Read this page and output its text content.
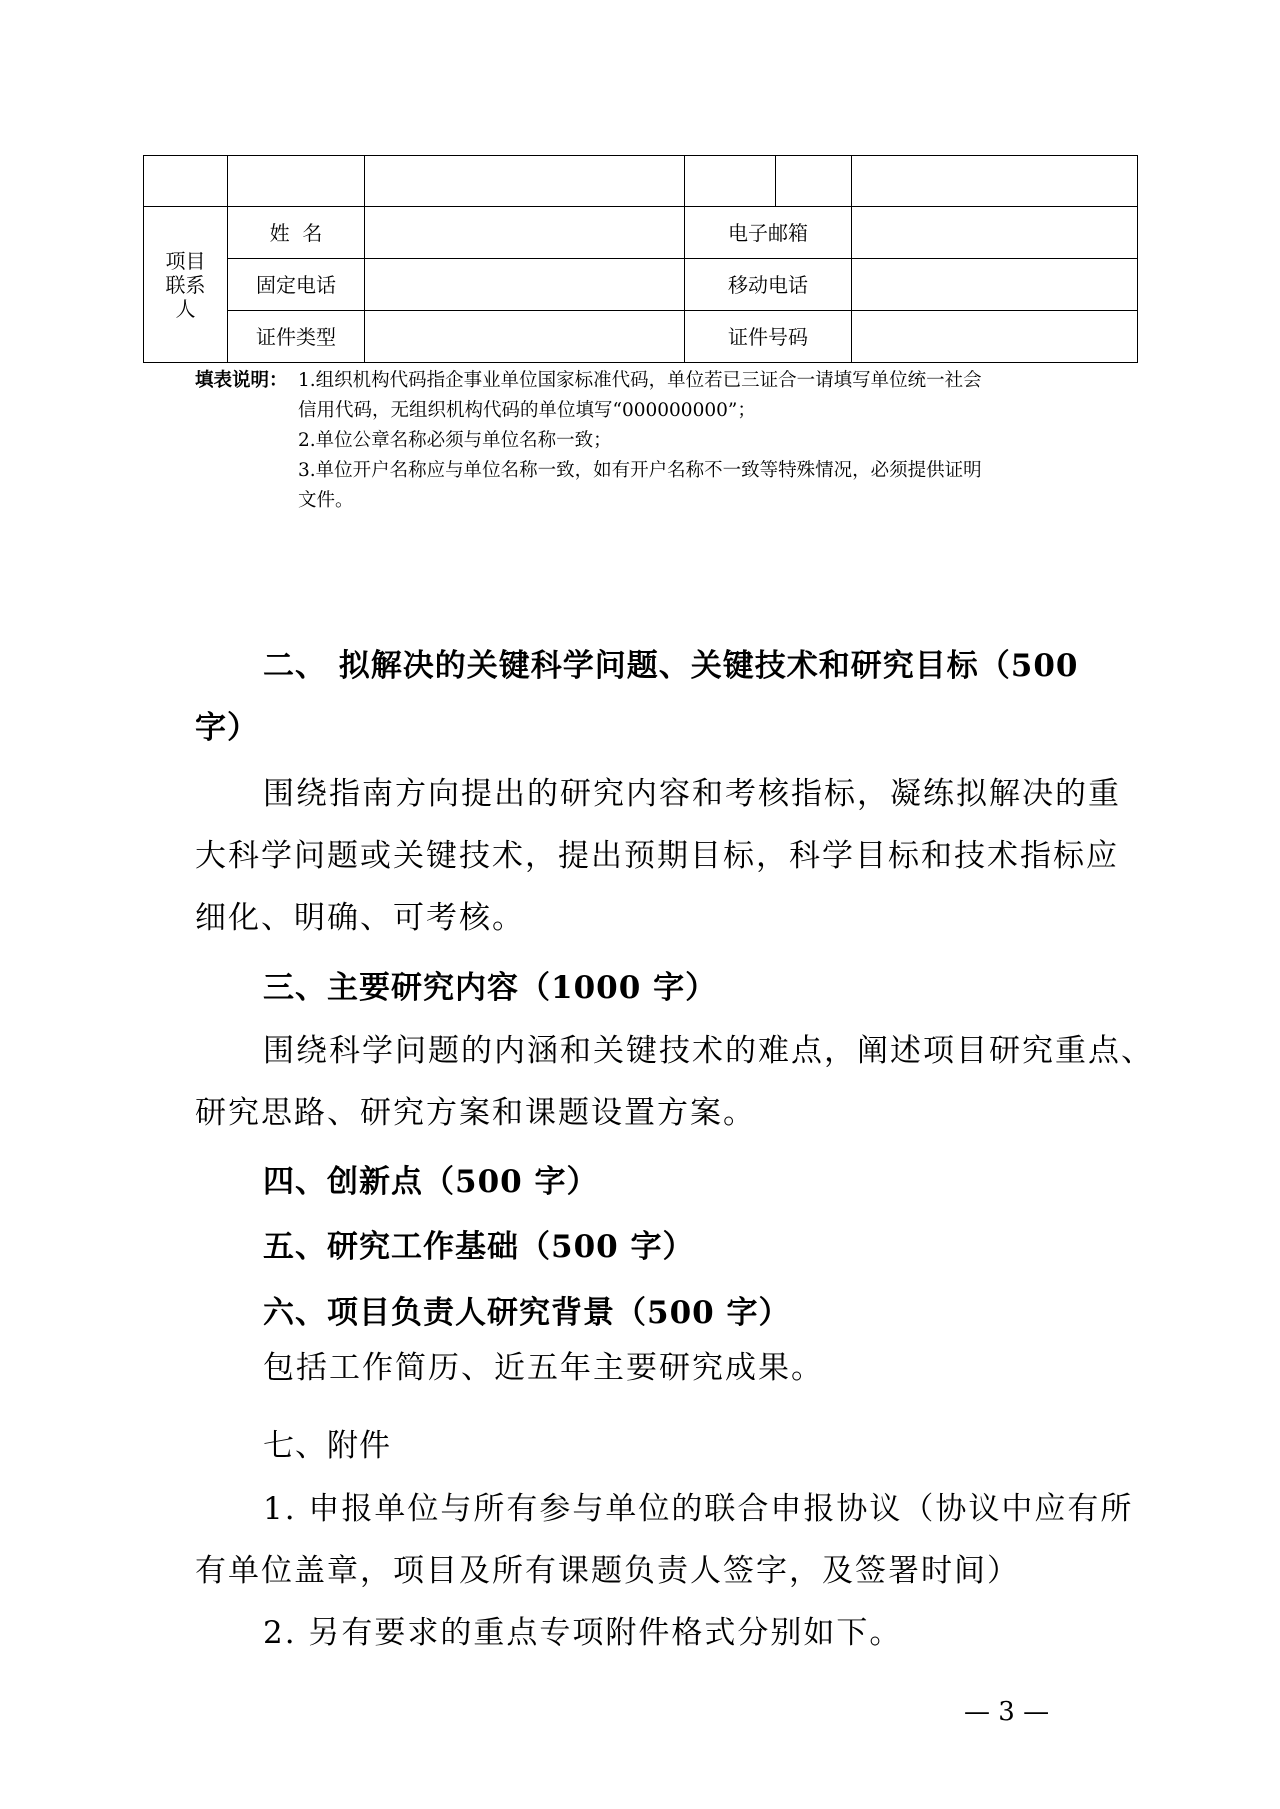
项目
联系
人	姓  名		电子邮箱		
	固定电话		移动电话		
	证件类型		证件号码		
填表说明： 1.组织机构代码指企事业单位国家标准代码，单位若已三证合一请填写单位统一社会
信用代码，无组织机构代码的单位填写“000000000”；
2.单位公章名称必须与单位名称一致；
3.单位开户名称应与单位名称一致，如有开户名称不一致等特殊情况，必须提供证明
文件。
二、 拟解决的关键科学问题、关键技术和研究目标（500
字）
围绕指南方向提出的研究内容和考核指标，凝练拟解决的重
大科学问题或关键技术，提出预期目标，科学目标和技术指标应
细化、明确、可考核。
三、主要研究内容（1000 字）
围绕科学问题的内涵和关键技术的难点，阐述项目研究重点、
研究思路、研究方案和课题设置方案。
四、创新点（500 字）
五、研究工作基础（500 字）
六、项目负责人研究背景（500 字）
包括工作简历、近五年主要研究成果。
七、附件
1. 申报单位与所有参与单位的联合申报协议（协议中应有所
有单位盖章，项目及所有课题负责人签字，及签署时间）
2. 另有要求的重点专项附件格式分别如下。
— 3 —
